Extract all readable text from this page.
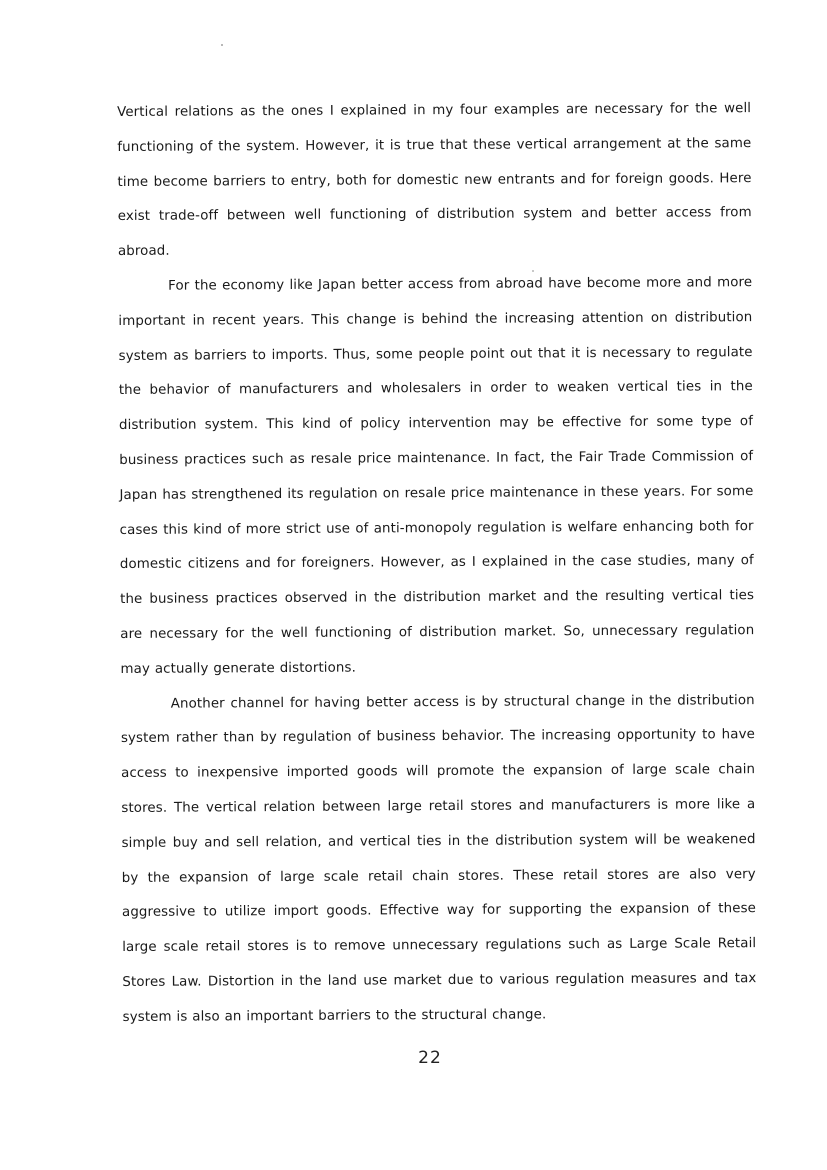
Vertical relations as the ones I explained in my four examples are necessary for the well functioning of the system. However, it is true that these vertical arrangement at the same time become barriers to entry, both for domestic new entrants and for foreign goods. Here exist trade-off between well functioning of distribution system and better access from abroad.

For the economy like Japan better access from abroad have become more and more important in recent years. This change is behind the increasing attention on distribution system as barriers to imports. Thus, some people point out that it is necessary to regulate the behavior of manufacturers and wholesalers in order to weaken vertical ties in the distribution system. This kind of policy intervention may be effective for some type of business practices such as resale price maintenance. In fact, the Fair Trade Commission of Japan has strengthened its regulation on resale price maintenance in these years. For some cases this kind of more strict use of anti-monopoly regulation is welfare enhancing both for domestic citizens and for foreigners. However, as I explained in the case studies, many of the business practices observed in the distribution market and the resulting vertical ties are necessary for the well functioning of distribution market. So, unnecessary regulation may actually generate distortions.

Another channel for having better access is by structural change in the distribution system rather than by regulation of business behavior. The increasing opportunity to have access to inexpensive imported goods will promote the expansion of large scale chain stores. The vertical relation between large retail stores and manufacturers is more like a simple buy and sell relation, and vertical ties in the distribution system will be weakened by the expansion of large scale retail chain stores. These retail stores are also very aggressive to utilize import goods. Effective way for supporting the expansion of these large scale retail stores is to remove unnecessary regulations such as Large Scale Retail Stores Law. Distortion in the land use market due to various regulation measures and tax system is also an important barriers to the structural change.

22
